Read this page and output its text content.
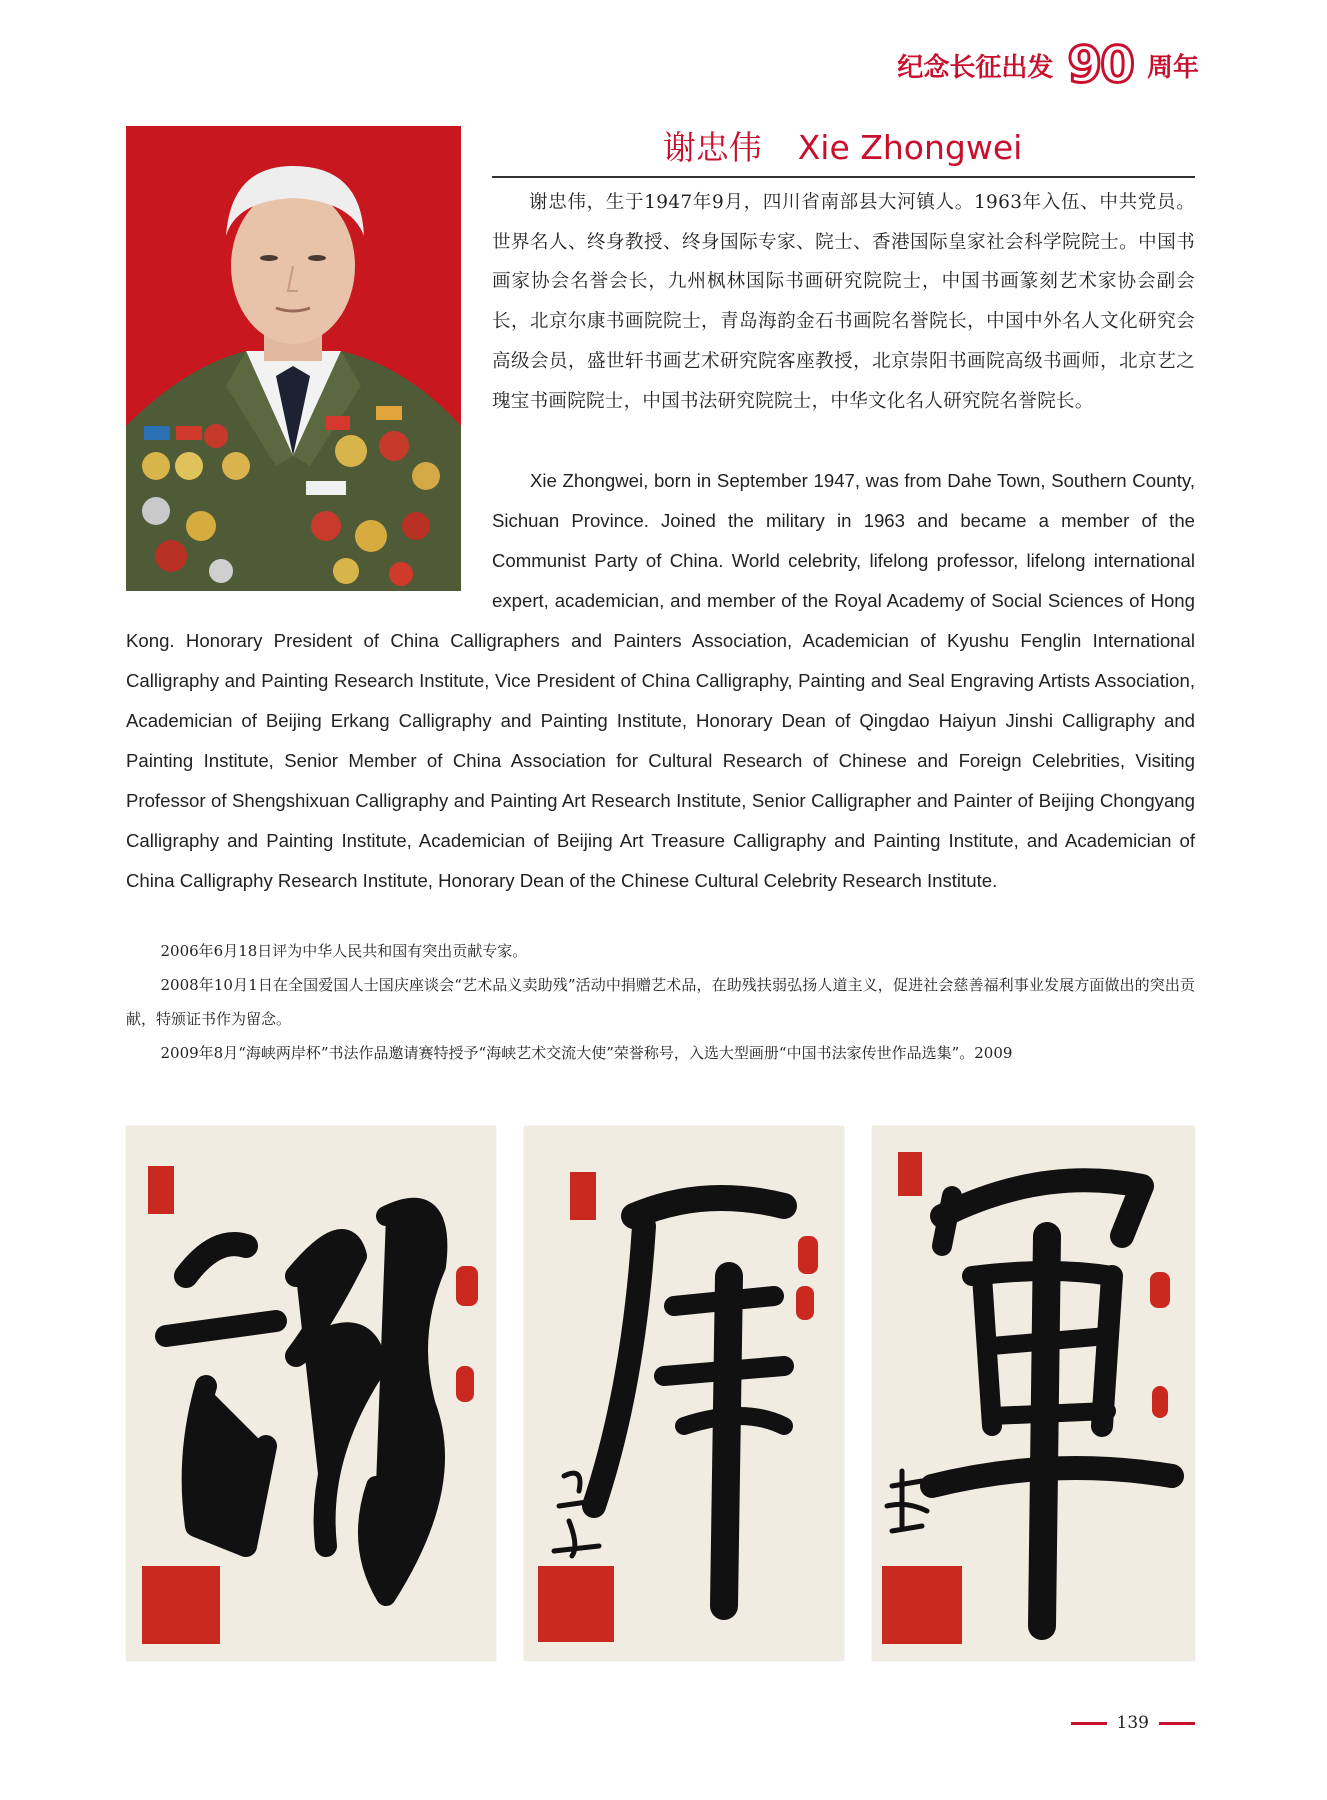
纪念长征出发 90 周年
谢忠伟 Xie Zhongwei

谢忠伟，生于1947年9月，四川省南部县大河镇人。1963年入伍、中共党员。世界名人、终身教授、终身国际专家、院士、香港国际皇家社会科学院院士。中国书画家协会名誉会长，九州枫林国际书画研究院院士，中国书画篆刻艺术家协会副会长，北京尔康书画院院士，青岛海韵金石书画院名誉院长，中国中外名人文化研究会高级会员，盛世轩书画艺术研究院客座教授，北京崇阳书画院高级书画师，北京艺之瑰宝书画院院士，中国书法研究院院士，中华文化名人研究院名誉院长。

Xie Zhongwei, born in September 1947, was from Dahe Town, Southern County, Sichuan Province. Joined the military in 1963 and became a member of the Communist Party of China. World celebrity, lifelong professor, lifelong international expert, academician, and member of the Royal Academy of Social Sciences of Hong Kong. Honorary President of China Calligraphers and Painters Association, Academician of Kyushu Fenglin International Calligraphy and Painting Research Institute, Vice President of China Calligraphy, Painting and Seal Engraving Artists Association, Academician of Beijing Erkang Calligraphy and Painting Institute, Honorary Dean of Qingdao Haiyun Jinshi Calligraphy and Painting Institute, Senior Member of China Association for Cultural Research of Chinese and Foreign Celebrities, Visiting Professor of Shengshixuan Calligraphy and Painting Art Research Institute, Senior Calligrapher and Painter of Beijing Chongyang Calligraphy and Painting Institute, Academician of Beijing Art Treasure Calligraphy and Painting Institute, and Academician of China Calligraphy Research Institute, Honorary Dean of the Chinese Cultural Celebrity Research Institute.

2006年6月18日评为中华人民共和国有突出贡献专家。

2008年10月1日在全国爱国人士国庆座谈会“艺术品义卖助残”活动中捐赠艺术品，在助残扶弱弘扬人道主义，促进社会慈善福利事业发展方面做出的突出贡献，特颁证书作为留念。

2009年8月“海峡两岸杯”书法作品邀请赛特授予“海峡艺术交流大使”荣誉称号，入选大型画册“中国书法家传世作品选集”。2009

139
